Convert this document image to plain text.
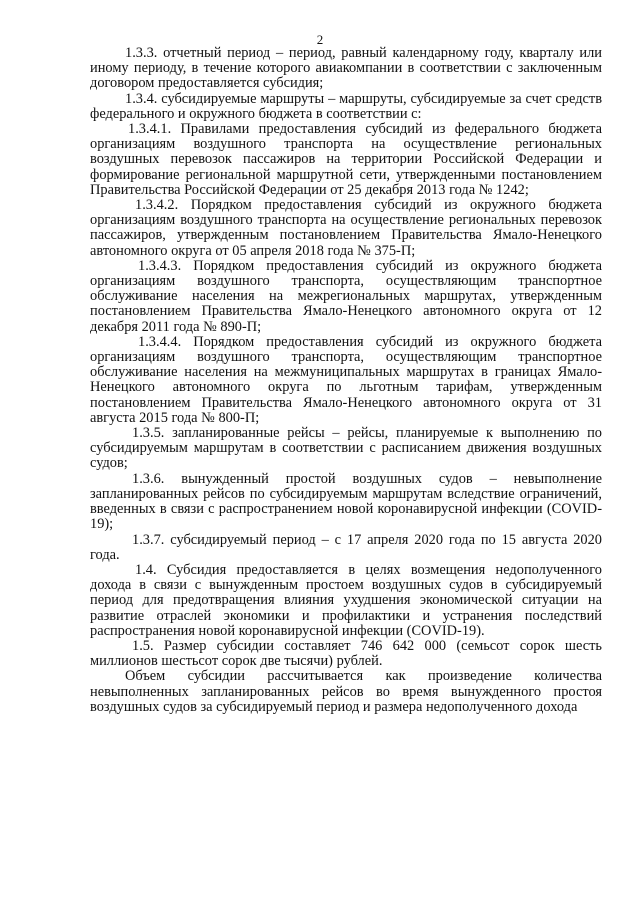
2

1.3.3. отчетный период – период, равный календарному году, кварталу или иному периоду, в течение которого авиакомпании в соответствии с заключенным договором предоставляется субсидия;

1.3.4. субсидируемые маршруты – маршруты, субсидируемые за счет средств федерального и окружного бюджета в соответствии с:

1.3.4.1. Правилами предоставления субсидий из федерального бюджета организациям воздушного транспорта на осуществление региональных воздушных перевозок пассажиров на территории Российской Федерации и формирование региональной маршрутной сети, утвержденными постановлением Правительства Российской Федерации от 25 декабря 2013 года № 1242;

1.3.4.2. Порядком предоставления субсидий из окружного бюджета организациям воздушного транспорта на осуществление региональных перевозок пассажиров, утвержденным постановлением Правительства Ямало-Ненецкого автономного округа от 05 апреля 2018 года № 375-П;

1.3.4.3. Порядком предоставления субсидий из окружного бюджета организациям воздушного транспорта, осуществляющим транспортное обслуживание населения на межрегиональных маршрутах, утвержденным постановлением Правительства Ямало-Ненецкого автономного округа от 12 декабря 2011 года № 890-П;

1.3.4.4. Порядком предоставления субсидий из окружного бюджета организациям воздушного транспорта, осуществляющим транспортное обслуживание населения на межмуниципальных маршрутах в границах Ямало-Ненецкого автономного округа по льготным тарифам, утвержденным постановлением Правительства Ямало-Ненецкого автономного округа от 31 августа 2015 года № 800-П;

1.3.5. запланированные рейсы – рейсы, планируемые к выполнению по субсидируемым маршрутам в соответствии с расписанием движения воздушных судов;

1.3.6. вынужденный простой воздушных судов – невыполнение запланированных рейсов по субсидируемым маршрутам вследствие ограничений, введенных в связи с распространением новой коронавирусной инфекции (COVID-19);

1.3.7. субсидируемый период – с 17 апреля 2020 года по 15 августа 2020 года.

1.4. Субсидия предоставляется в целях возмещения недополученного дохода в связи с вынужденным простоем воздушных судов в субсидируемый период для предотвращения влияния ухудшения экономической ситуации на развитие отраслей экономики и профилактики и устранения последствий распространения новой коронавирусной инфекции (COVID-19).

1.5. Размер субсидии составляет 746 642 000 (семьсот сорок шесть миллионов шестьсот сорок две тысячи) рублей.

Объем субсидии рассчитывается как произведение количества невыполненных запланированных рейсов во время вынужденного простоя воздушных судов за субсидируемый период и размера недополученного дохода
